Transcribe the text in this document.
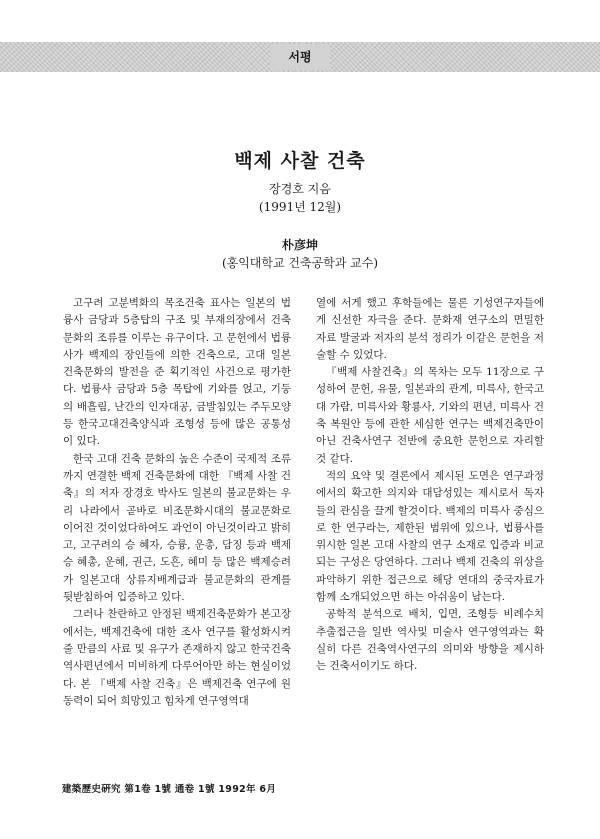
서평
백제 사찰 건축

장경호 지음

(1991년 12월)

朴彦坤

(홍익대학교 건축공학과 교수)

고구려 고분벽화의 목조건축 표사는 일본의 법륭사 금당과 5층탑의 구조 및 부재의장에서 건축문화의 조류를 이루는 유구이다. 고 문헌에서 법륭사가 백제의 장인들에 의한 건축으로, 고대 일본 건축문화의 발전을 준 획기적인 사건으로 평가한다. 법륭사 금당과 5층 목탑에 기와를 얹고, 기둥의 배흘림, 난간의 인자대공, 금발침있는 주두모양등 한국고대건축양식과 조형성 등에 많은 공통성이 있다.

한국 고대 건축 문화의 높은 수준이 국제적 조류까지 연결한 백제 건축문화에 대한 『백제 사찰 건축』의 저자 장경호 박사도 일본의 불교문화는 우리 나라에서 곧바로 비조문화시대의 불교문화로 이어진 것이었다하여도 과언이 아닌것이라고 밝히고, 고구려의 승 혜자, 승륭, 운총, 담징 등과 백제승 혜총, 운혜, 권근, 도흔, 혜미 등 많은 백제승려가 일본고대 상류지배계급과 불교문화의 관계를 뒷받침하여 입증하고 있다.

그러나 찬란하고 안정된 백제건축문화가 본고장에서는, 백제건축에 대한 조사 연구를 활성화시켜줄 만큼의 사료 및 유구가 존재하지 않고 한국건축 역사편년에서 미비하게 다루어아만 하는 현실이었다. 본 『백제 사찰 건축』은 백제건축 연구에 원동력이 되어 희망있고 힘차게 연구영역대

열에 서게 했고 후학들에는 물론 기성연구자들에게 신선한 자극을 준다. 문화재 연구소의 면밀한 자료 발굴과 저자의 분석 정리가 이같은 문헌을 저술할 수 있었다.

『백제 사찰건축』의 목차는 모두 11장으로 구성하여 문헌, 유물, 일본과의 관계, 미륵사, 한국고대 가람, 미륵사와 황룡사, 기와의 편년, 미륵사 건축 복원안 등에 관한 세심한 연구는 백제건축만이 아닌 건축사연구 전반에 중요한 문헌으로 자리할 것 같다.

적의 요약 및 결론에서 제시된 도면은 연구과정에서의 확고한 의지와 대담성있는 제시로서 독자들의 관심을 끌게 할것이다. 백제의 미륵사 중심으로 한 연구라는, 제한된 범위에 있으나, 법륭사를 위시한 일본 고대 사찰의 연구 소재로 입증과 비교되는 구성은 당연하다. 그러나 백제 건축의 위상을 파악하기 위한 접근으로 해당 연대의 중국자료가 함께 소개되었으면 하는 아쉬움이 남는다.

공학적 분석으로 배치, 입면, 조형등 비례수치 추출접근을 일반 역사및 미술사 연구영역과는 확실히 다른 건축역사연구의 의미와 방향을 제시하는 건축서이기도 하다.

建築歷史硏究 第1卷 1號 通卷 1號 1992年 6月
